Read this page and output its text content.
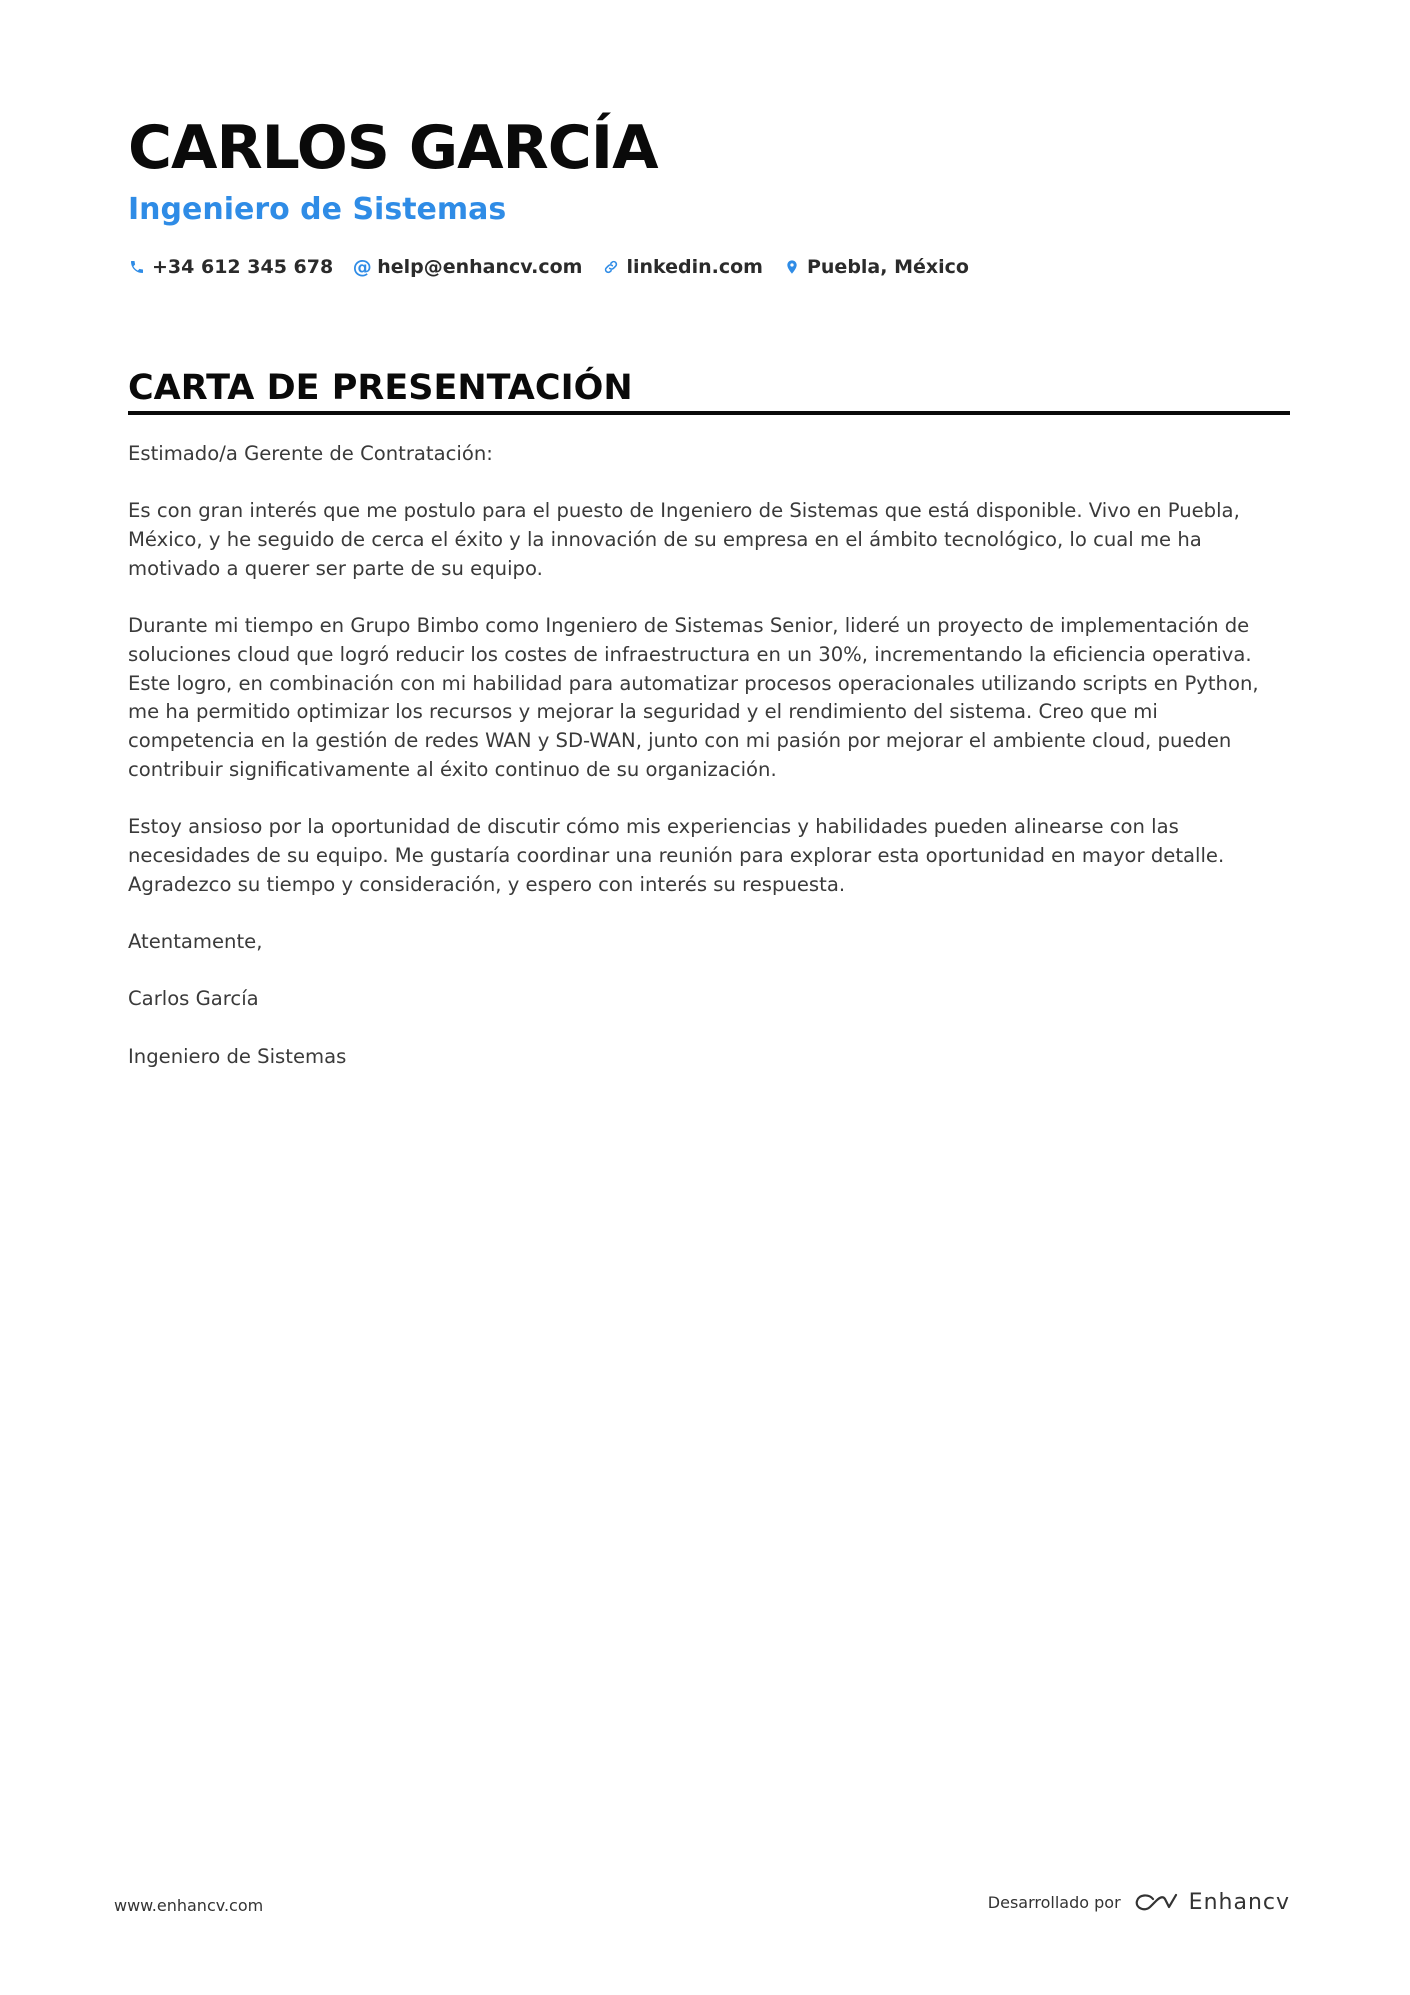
CARLOS GARCÍA
Ingeniero de Sistemas
+34 612 345 678 @ help@enhancv.com linkedin.com Puebla, México
CARTA DE PRESENTACIÓN

Estimado/a Gerente de Contratación:

Es con gran interés que me postulo para el puesto de Ingeniero de Sistemas que está disponible. Vivo en Puebla, México, y he seguido de cerca el éxito y la innovación de su empresa en el ámbito tecnológico, lo cual me ha motivado a querer ser parte de su equipo.

Durante mi tiempo en Grupo Bimbo como Ingeniero de Sistemas Senior, lideré un proyecto de implementación de soluciones cloud que logró reducir los costes de infraestructura en un 30%, incrementando la eficiencia operativa. Este logro, en combinación con mi habilidad para automatizar procesos operacionales utilizando scripts en Python, me ha permitido optimizar los recursos y mejorar la seguridad y el rendimiento del sistema. Creo que mi competencia en la gestión de redes WAN y SD-WAN, junto con mi pasión por mejorar el ambiente cloud, pueden contribuir significativamente al éxito continuo de su organización.

Estoy ansioso por la oportunidad de discutir cómo mis experiencias y habilidades pueden alinearse con las necesidades de su equipo. Me gustaría coordinar una reunión para explorar esta oportunidad en mayor detalle. Agradezco su tiempo y consideración, y espero con interés su respuesta.

Atentamente,

Carlos García

Ingeniero de Sistemas

www.enhancv.com	Desarrollado por	Enhancv
